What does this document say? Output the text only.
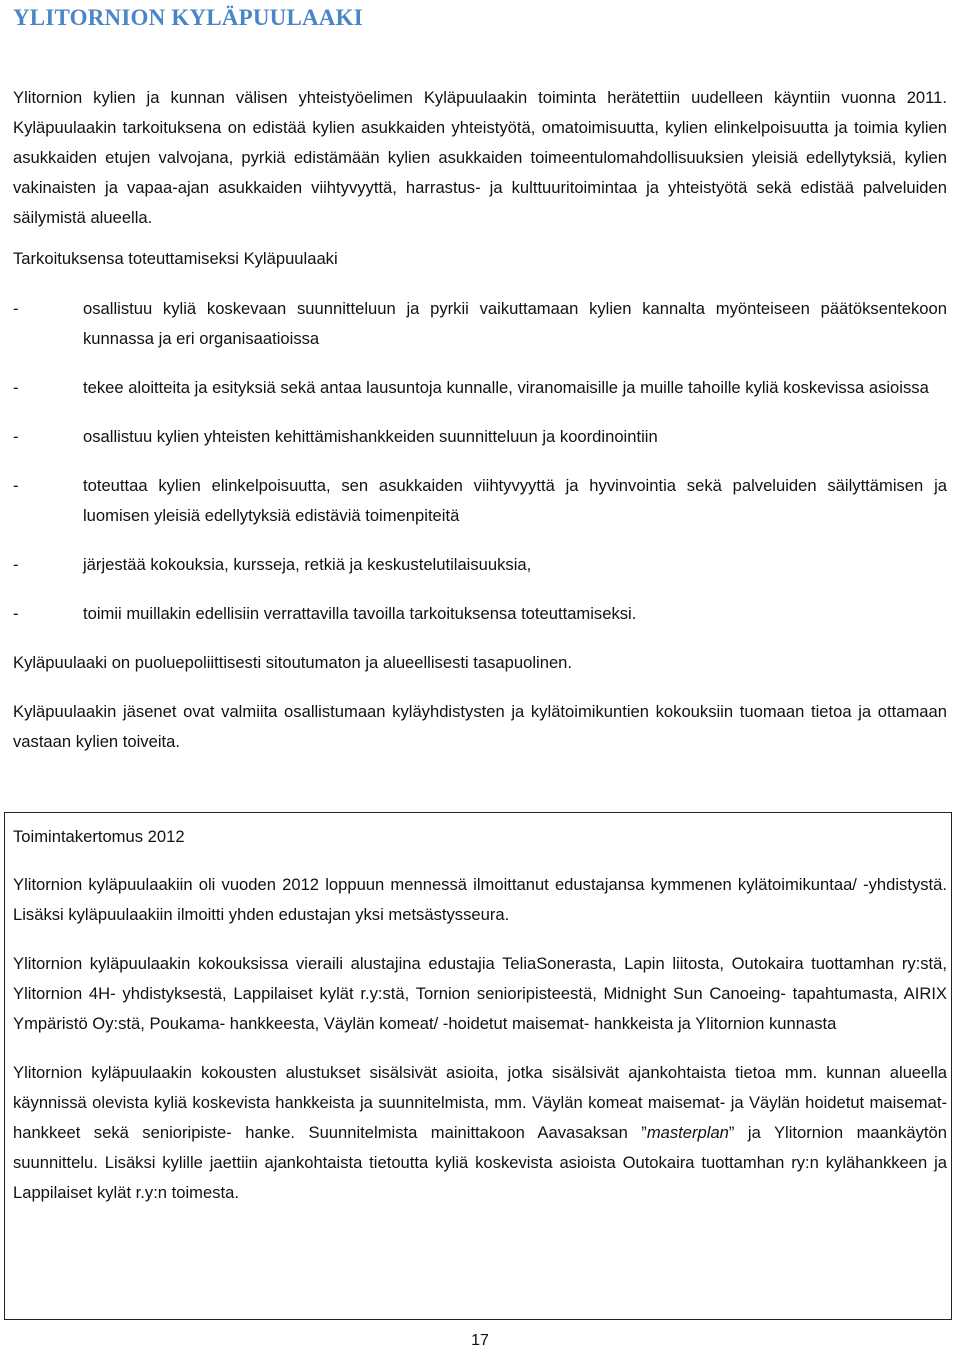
YLITORNION KYLÄPUULAAKI

Ylitornion kylien ja kunnan välisen yhteistyöelimen Kyläpuulaakin toiminta herätettiin uudelleen käyntiin vuonna 2011. Kyläpuulaakin tarkoituksena on edistää kylien asukkaiden yhteistyötä, omatoimisuutta, kylien elinkelpoisuutta ja toimia kylien asukkaiden etujen valvojana, pyrkiä edistämään kylien asukkaiden toimeentulomahdollisuuksien yleisiä edellytyksiä, kylien vakinaisten ja vapaa-ajan asukkaiden viihtyvyyttä, harrastus- ja kulttuuritoimintaa ja yhteistyötä sekä edistää palveluiden säilymistä alueella.

Tarkoituksensa toteuttamiseksi Kyläpuulaaki

-	osallistuu kyliä koskevaan suunnitteluun ja pyrkii vaikuttamaan kylien kannalta myönteiseen päätöksentekoon kunnassa ja eri organisaatioissa
-	tekee aloitteita ja esityksiä sekä antaa lausuntoja kunnalle, viranomaisille ja muille tahoille kyliä koskevissa asioissa
-	osallistuu kylien yhteisten kehittämishankkeiden suunnitteluun ja koordinointiin
-	toteuttaa kylien elinkelpoisuutta, sen asukkaiden viihtyvyyttä ja hyvinvointia sekä palveluiden säilyttämisen ja luomisen yleisiä edellytyksiä edistäviä toimenpiteitä
-	järjestää kokouksia, kursseja, retkiä ja keskustelutilaisuuksia,
-	toimii muillakin edellisiin verrattavilla tavoilla tarkoituksensa toteuttamiseksi.

Kyläpuulaaki on puoluepoliittisesti sitoutumaton ja alueellisesti tasapuolinen.

Kyläpuulaakin jäsenet ovat valmiita osallistumaan kyläyhdistysten ja kylätoimikuntien kokouksiin tuomaan tietoa ja ottamaan vastaan kylien toiveita.

Toimintakertomus 2012

Ylitornion kyläpuulaakiin oli vuoden 2012 loppuun mennessä ilmoittanut edustajansa kymmenen kylätoimikuntaa/ -yhdistystä. Lisäksi kyläpuulaakiin ilmoitti yhden edustajan yksi metsästysseura.

Ylitornion kyläpuulaakin kokouksissa vieraili alustajina edustajia TeliaSonerasta, Lapin liitosta, Outokaira tuottamhan ry:stä, Ylitornion 4H- yhdistyksestä, Lappilaiset kylät r.y:stä, Tornion senioripisteestä, Midnight Sun Canoeing- tapahtumasta, AIRIX Ympäristö Oy:stä, Poukama- hankkeesta, Väylän komeat/ -hoidetut maisemat- hankkeista ja Ylitornion kunnasta

Ylitornion kyläpuulaakin kokousten alustukset sisälsivät asioita, jotka sisälsivät ajankohtaista tietoa mm. kunnan alueella käynnissä olevista kyliä koskevista hankkeista ja suunnitelmista, mm. Väylän komeat maisemat- ja Väylän hoidetut maisemat- hankkeet sekä senioripiste- hanke. Suunnitelmista mainittakoon Aavasaksan ”masterplan” ja Ylitornion maankäytön suunnittelu. Lisäksi kylille jaettiin ajankohtaista tietoutta kyliä koskevista asioista Outokaira tuottamhan ry:n kylähankkeen ja Lappilaiset kylät r.y:n toimesta.

17
